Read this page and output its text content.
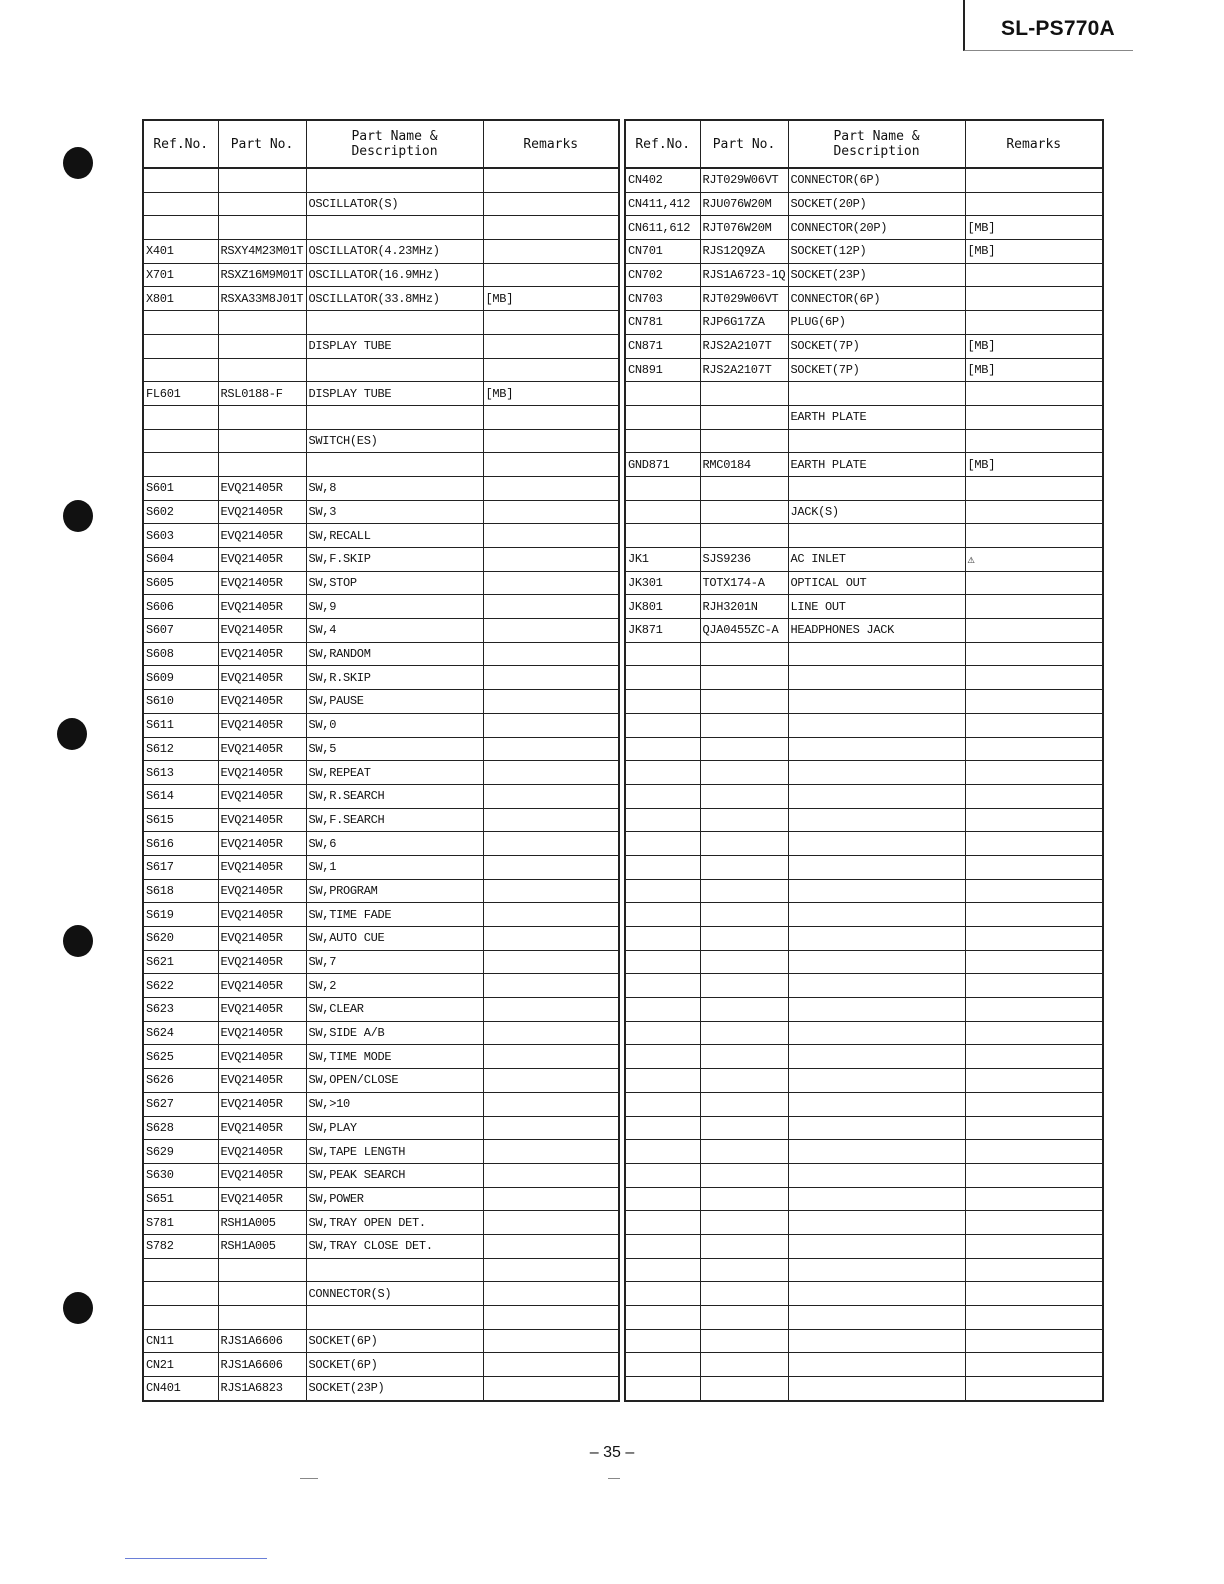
SL-PS770A
Ref.No.	Part No.	Part Name & Description	Remarks

		OSCILLATOR(S)	

X401	RSXY4M23M01T	OSCILLATOR(4.23MHz)	
X701	RSXZ16M9M01T	OSCILLATOR(16.9MHz)	
X801	RSXA33M8J01T	OSCILLATOR(33.8MHz)	[MB]

		DISPLAY TUBE	

FL601	RSL0188-F	DISPLAY TUBE	[MB]

		SWITCH(ES)	

S601	EVQ21405R	SW,8	
S602	EVQ21405R	SW,3	
S603	EVQ21405R	SW,RECALL	
S604	EVQ21405R	SW,F.SKIP	
S605	EVQ21405R	SW,STOP	
S606	EVQ21405R	SW,9	
S607	EVQ21405R	SW,4	
S608	EVQ21405R	SW,RANDOM	
S609	EVQ21405R	SW,R.SKIP	
S610	EVQ21405R	SW,PAUSE	
S611	EVQ21405R	SW,0	
S612	EVQ21405R	SW,5	
S613	EVQ21405R	SW,REPEAT	
S614	EVQ21405R	SW,R.SEARCH	
S615	EVQ21405R	SW,F.SEARCH	
S616	EVQ21405R	SW,6	
S617	EVQ21405R	SW,1	
S618	EVQ21405R	SW,PROGRAM	
S619	EVQ21405R	SW,TIME FADE	
S620	EVQ21405R	SW,AUTO CUE	
S621	EVQ21405R	SW,7	
S622	EVQ21405R	SW,2	
S623	EVQ21405R	SW,CLEAR	
S624	EVQ21405R	SW,SIDE A/B	
S625	EVQ21405R	SW,TIME MODE	
S626	EVQ21405R	SW,OPEN/CLOSE	
S627	EVQ21405R	SW,>10	
S628	EVQ21405R	SW,PLAY	
S629	EVQ21405R	SW,TAPE LENGTH	
S630	EVQ21405R	SW,PEAK SEARCH	
S651	EVQ21405R	SW,POWER	
S781	RSH1A005	SW,TRAY OPEN DET.	
S782	RSH1A005	SW,TRAY CLOSE DET.	

		CONNECTOR(S)	

CN11	RJS1A6606	SOCKET(6P)	
CN21	RJS1A6606	SOCKET(6P)	
CN401	RJS1A6823	SOCKET(23P)	
Ref.No.	Part No.	Part Name & Description	Remarks
CN402	RJT029W06VT	CONNECTOR(6P)	
CN411,412	RJU076W20M	SOCKET(20P)	
CN611,612	RJT076W20M	CONNECTOR(20P)	[MB]
CN701	RJS12Q9ZA	SOCKET(12P)	[MB]
CN702	RJS1A6723-1Q	SOCKET(23P)	
CN703	RJT029W06VT	CONNECTOR(6P)	
CN781	RJP6G17ZA	PLUG(6P)	
CN871	RJS2A2107T	SOCKET(7P)	[MB]
CN891	RJS2A2107T	SOCKET(7P)	[MB]

		EARTH PLATE	

GND871	RMC0184	EARTH PLATE	[MB]

		JACK(S)	

JK1	SJS9236	AC INLET	⚠
JK301	TOTX174-A	OPTICAL OUT	
JK801	RJH3201N	LINE OUT	
JK871	QJA0455ZC-A	HEADPHONES JACK	

– 35 –
